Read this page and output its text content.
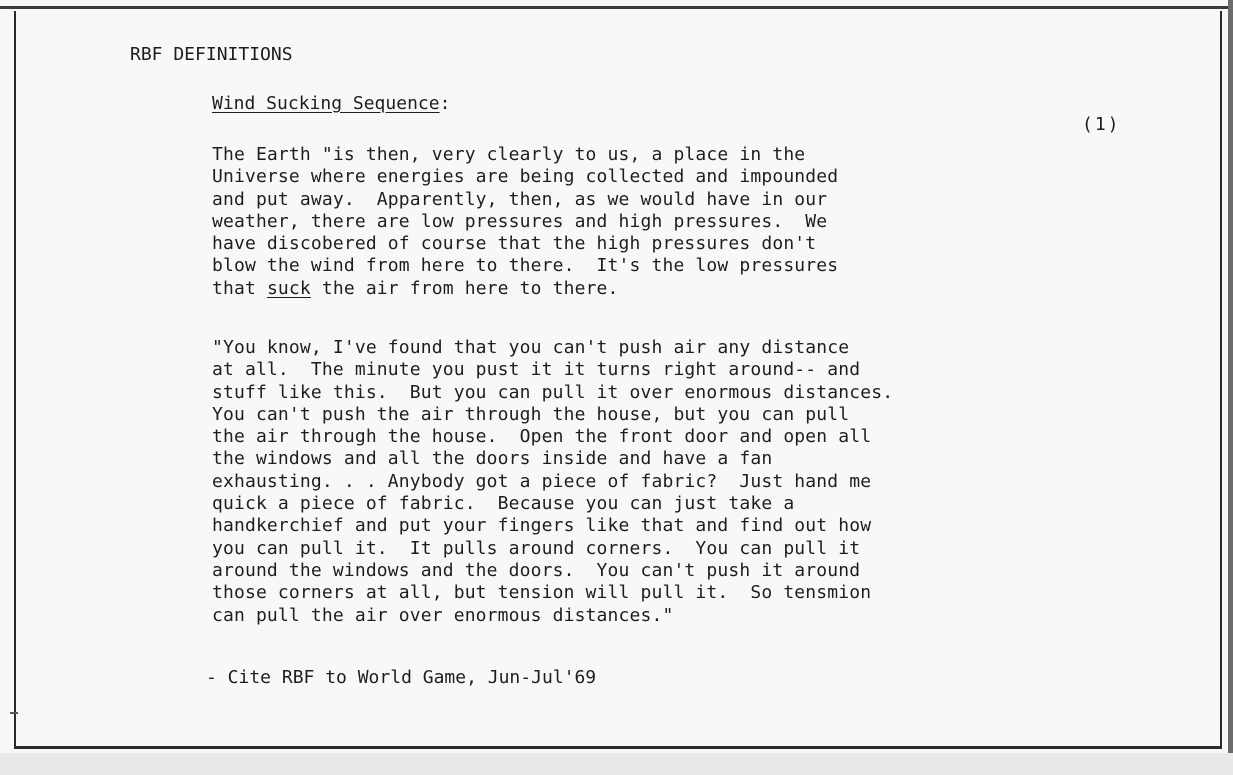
RBF DEFINITIONS
(1)
Wind Sucking Sequence:
The Earth "is then, very clearly to us, a place in the
Universe where energies are being collected and impounded
and put away.  Apparently, then, as we would have in our
weather, there are low pressures and high pressures.  We
have discobered of course that the high pressures don't
blow the wind from here to there.  It's the low pressures
that suck the air from here to there.
"You know, I've found that you can't push air any distance
at all.  The minute you pust it it turns right around-- and
stuff like this.  But you can pull it over enormous distances.
You can't push the air through the house, but you can pull
the air through the house.  Open the front door and open all
the windows and all the doors inside and have a fan
exhausting. . . Anybody got a piece of fabric?  Just hand me
quick a piece of fabric.  Because you can just take a
handkerchief and put your fingers like that and find out how
you can pull it.  It pulls around corners.  You can pull it
around the windows and the doors.  You can't push it around
those corners at all, but tension will pull it.  So tensmion
can pull the air over enormous distances."
- Cite RBF to World Game, Jun-Jul'69
